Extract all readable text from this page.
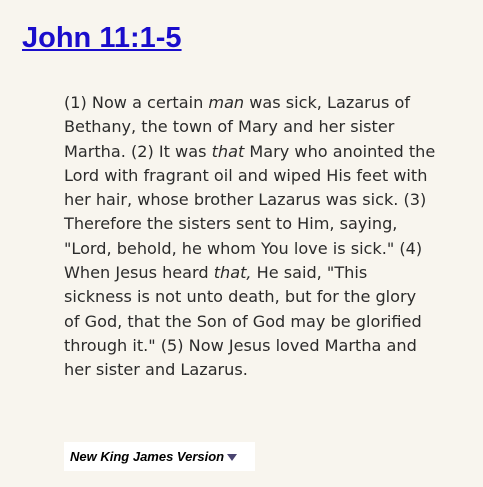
John 11:1-5

(1) Now a certain man was sick, Lazarus of Bethany, the town of Mary and her sister Martha. (2) It was that Mary who anointed the Lord with fragrant oil and wiped His feet with her hair, whose brother Lazarus was sick. (3) Therefore the sisters sent to Him, saying, "Lord, behold, he whom You love is sick." (4) When Jesus heard that, He said, "This sickness is not unto death, but for the glory of God, that the Son of God may be glorified through it." (5) Now Jesus loved Martha and her sister and Lazarus.

New King James Version
